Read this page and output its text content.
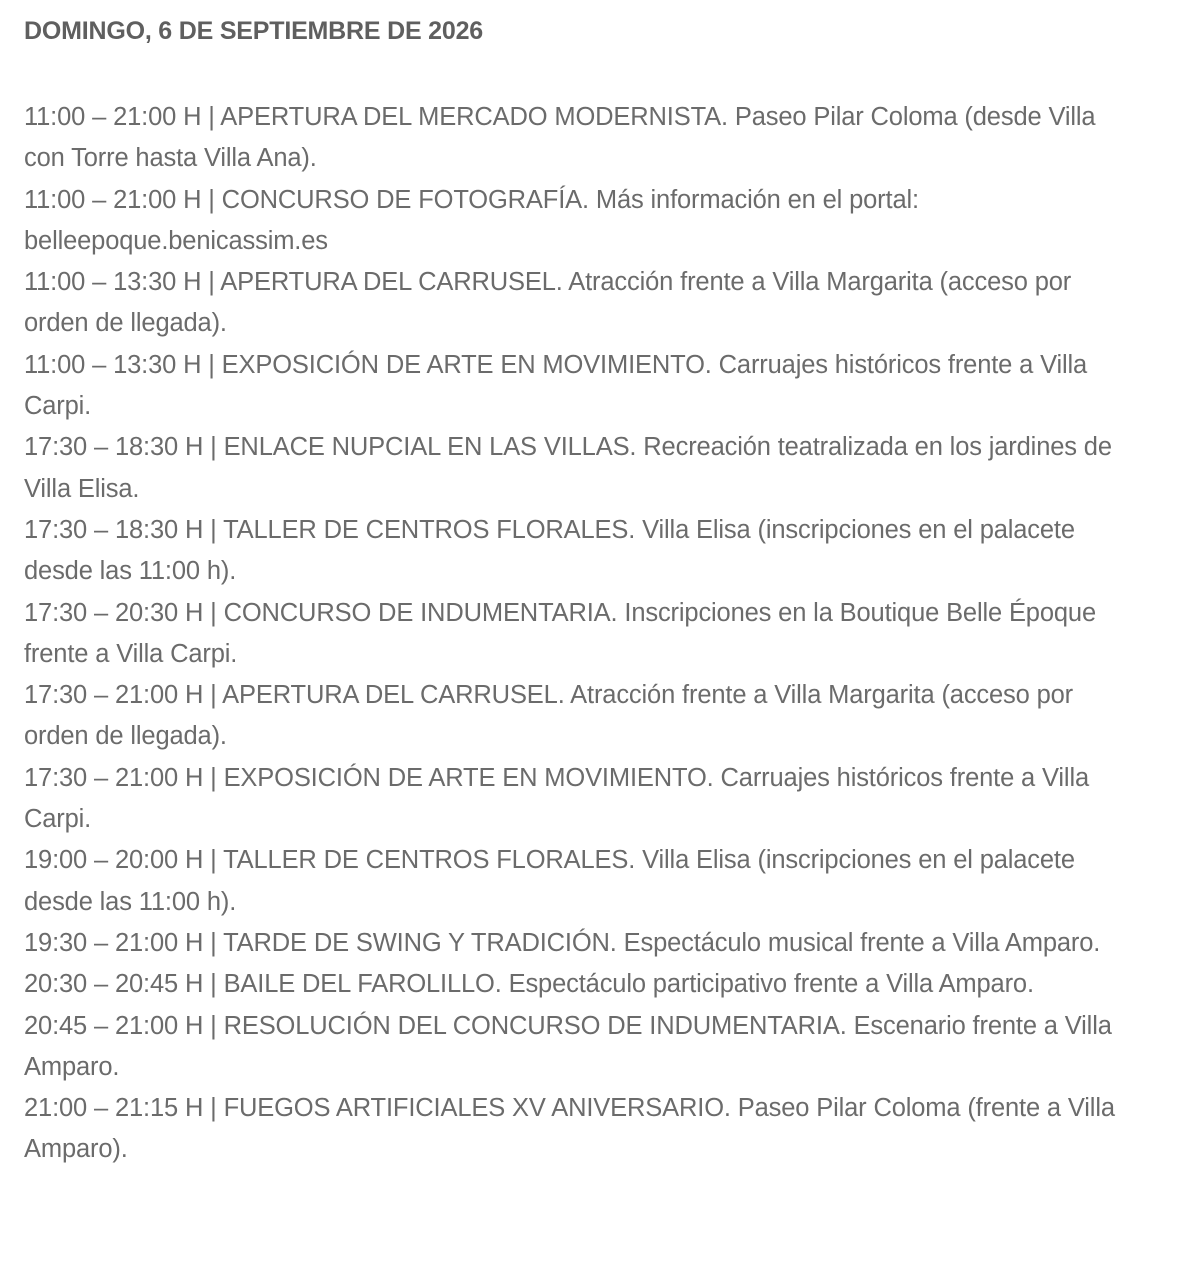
DOMINGO, 6 DE SEPTIEMBRE DE 2026
11:00 – 21:00 H | APERTURA DEL MERCADO MODERNISTA. Paseo Pilar Coloma (desde Villa con Torre hasta Villa Ana).
11:00 – 21:00 H | CONCURSO DE FOTOGRAFÍA. Más información en el portal: belleepoque.benicassim.es
11:00 – 13:30 H | APERTURA DEL CARRUSEL. Atracción frente a Villa Margarita (acceso por orden de llegada).
11:00 – 13:30 H | EXPOSICIÓN DE ARTE EN MOVIMIENTO. Carruajes históricos frente a Villa Carpi.
17:30 – 18:30 H | ENLACE NUPCIAL EN LAS VILLAS. Recreación teatralizada en los jardines de Villa Elisa.
17:30 – 18:30 H | TALLER DE CENTROS FLORALES. Villa Elisa (inscripciones en el palacete desde las 11:00 h).
17:30 – 20:30 H | CONCURSO DE INDUMENTARIA. Inscripciones en la Boutique Belle Époque frente a Villa Carpi.
17:30 – 21:00 H | APERTURA DEL CARRUSEL. Atracción frente a Villa Margarita (acceso por orden de llegada).
17:30 – 21:00 H | EXPOSICIÓN DE ARTE EN MOVIMIENTO. Carruajes históricos frente a Villa Carpi.
19:00 – 20:00 H | TALLER DE CENTROS FLORALES. Villa Elisa (inscripciones en el palacete desde las 11:00 h).
19:30 – 21:00 H | TARDE DE SWING Y TRADICIÓN. Espectáculo musical frente a Villa Amparo.
20:30 – 20:45 H | BAILE DEL FAROLILLO. Espectáculo participativo frente a Villa Amparo.
20:45 – 21:00 H | RESOLUCIÓN DEL CONCURSO DE INDUMENTARIA. Escenario frente a Villa Amparo.
21:00 – 21:15 H | FUEGOS ARTIFICIALES XV ANIVERSARIO. Paseo Pilar Coloma (frente a Villa Amparo).
